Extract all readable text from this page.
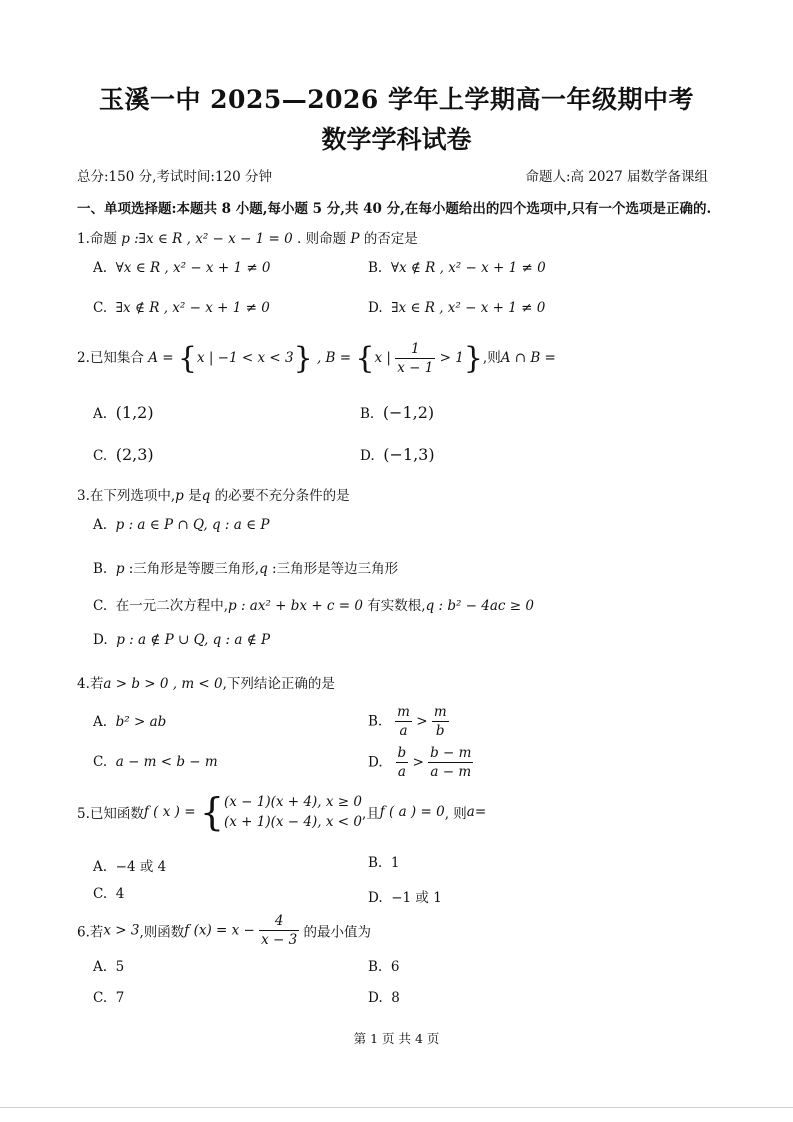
玉溪一中 2025—2026 学年上学期高一年级期中考
数学学科试卷
总分:150 分,考试时间:120 分钟	命题人:高 2027 届数学备课组
一、单项选择题:本题共 8 小题,每小题 5 分,共 40 分,在每小题给出的四个选项中,只有一个选项是正确的.
1.命题 p :∃x ∈ R , x² − x − 1 = 0 . 则命题 P 的否定是
A. ∀x ∈ R , x² − x + 1 ≠ 0	B. ∀x ∉ R , x² − x + 1 ≠ 0
C. ∃x ∉ R , x² − x + 1 ≠ 0	D. ∃x ∈ R , x² − x + 1 ≠ 0
2.已知集合 A = {x | −1 < x < 3} , B = {x | $\frac{1}{x - 1} > 1$},则A ∩ B =
A. (1,2)	B. (−1,2)
C. (2,3)	D. (−1,3)
3.在下列选项中,p 是q 的必要不充分条件的是
A. p : a ∈ P ∩ Q, q : a ∈ P
B. p :三角形是等腰三角形,q :三角形是等边三角形
C. 在一元二次方程中,p : ax² + bx + c = 0 有实数根,q : b² − 4ac ≥ 0
D. p : a ∉ P ∪ Q, q : a ∉ P
4.若a > b > 0 , m < 0,下列结论正确的是
A. b² > ab	B. $\frac{m}{a} > \frac{m}{b}$
C. a − m < b − m	D. $\frac{b}{a} > \frac{b - m}{a - m}$
5.已知函数f ( x ) = { (x − 1)(x + 4), x ≥ 0
(x + 1)(x − 4), x < 0 ,且f ( a ) = 0, 则a=
A. −4 或 4	B. 1
C. 4	D. −1 或 1
6.若x > 3,则函数f $(x) = x - \frac{4}{x - 3}$ 的最小值为
A. 5	B. 6
C. 7	D. 8
第 1 页 共 4 页
